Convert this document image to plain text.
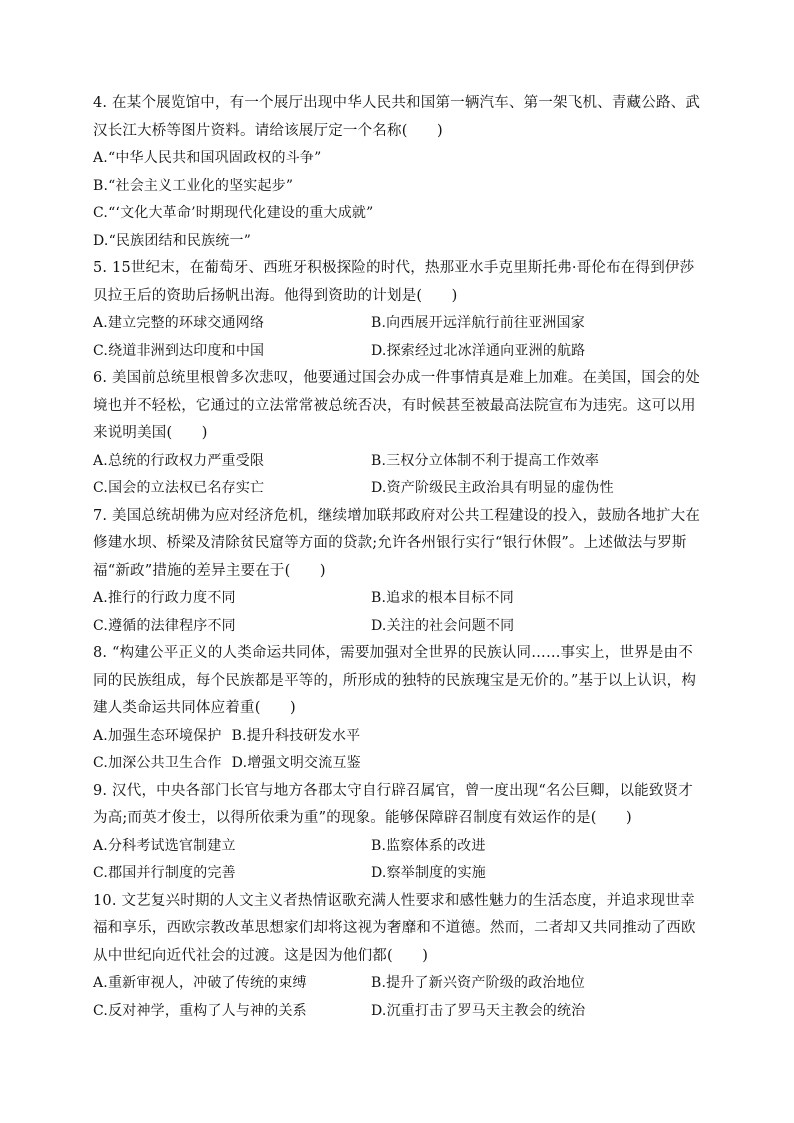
4. 在某个展览馆中，有一个展厅出现中华人民共和国第一辆汽车、第一架飞机、青藏公路、武汉长江大桥等图片资料。请给该展厅定一个名称(　　)

A.“中华人民共和国巩固政权的斗争”
B.“社会主义工业化的坚实起步”
C.“‘文化大革命’时期现代化建设的重大成就”
D.“民族团结和民族统一”

5. 15世纪末，在葡萄牙、西班牙积极探险的时代，热那亚水手克里斯托弗·哥伦布在得到伊莎贝拉王后的资助后扬帆出海。他得到资助的计划是(　　)

A.建立完整的环球交通网络	B.向西展开远洋航行前往亚洲国家
C.绕道非洲到达印度和中国	D.探索经过北冰洋通向亚洲的航路

6. 美国前总统里根曾多次悲叹，他要通过国会办成一件事情真是难上加难。在美国，国会的处境也并不轻松，它通过的立法常常被总统否决，有时候甚至被最高法院宣布为违宪。这可以用来说明美国(　　)

A.总统的行政权力严重受限	B.三权分立体制不利于提高工作效率
C.国会的立法权已名存实亡	D.资产阶级民主政治具有明显的虚伪性

7. 美国总统胡佛为应对经济危机，继续增加联邦政府对公共工程建设的投入，鼓励各地扩大在修建水坝、桥梁及清除贫民窟等方面的贷款;允许各州银行实行“银行休假”。上述做法与罗斯福“新政”措施的差异主要在于(　　)

A.推行的行政力度不同	B.追求的根本目标不同
C.遵循的法律程序不同	D.关注的社会问题不同

8. “构建公平正义的人类命运共同体，需要加强对全世界的民族认同……事实上，世界是由不同的民族组成，每个民族都是平等的，所形成的独特的民族瑰宝是无价的。”基于以上认识，构建人类命运共同体应着重(　　)

A.加强生态环境保护 B.提升科技研发水平
C.加深公共卫生合作 D.增强文明交流互鉴

9. 汉代，中央各部门长官与地方各郡太守自行辟召属官，曾一度出现“名公巨卿，以能致贤才为高;而英才俊士，以得所依秉为重”的现象。能够保障辟召制度有效运作的是(　　)

A.分科考试选官制建立	B.监察体系的改进
C.郡国并行制度的完善	D.察举制度的实施

10. 文艺复兴时期的人文主义者热情讴歌充满人性要求和感性魅力的生活态度，并追求现世幸福和享乐，西欧宗教改革思想家们却将这视为奢靡和不道德。然而，二者却又共同推动了西欧从中世纪向近代社会的过渡。这是因为他们都(　　)

A.重新审视人，冲破了传统的束缚	B.提升了新兴资产阶级的政治地位
C.反对神学，重构了人与神的关系	D.沉重打击了罗马天主教会的统治
